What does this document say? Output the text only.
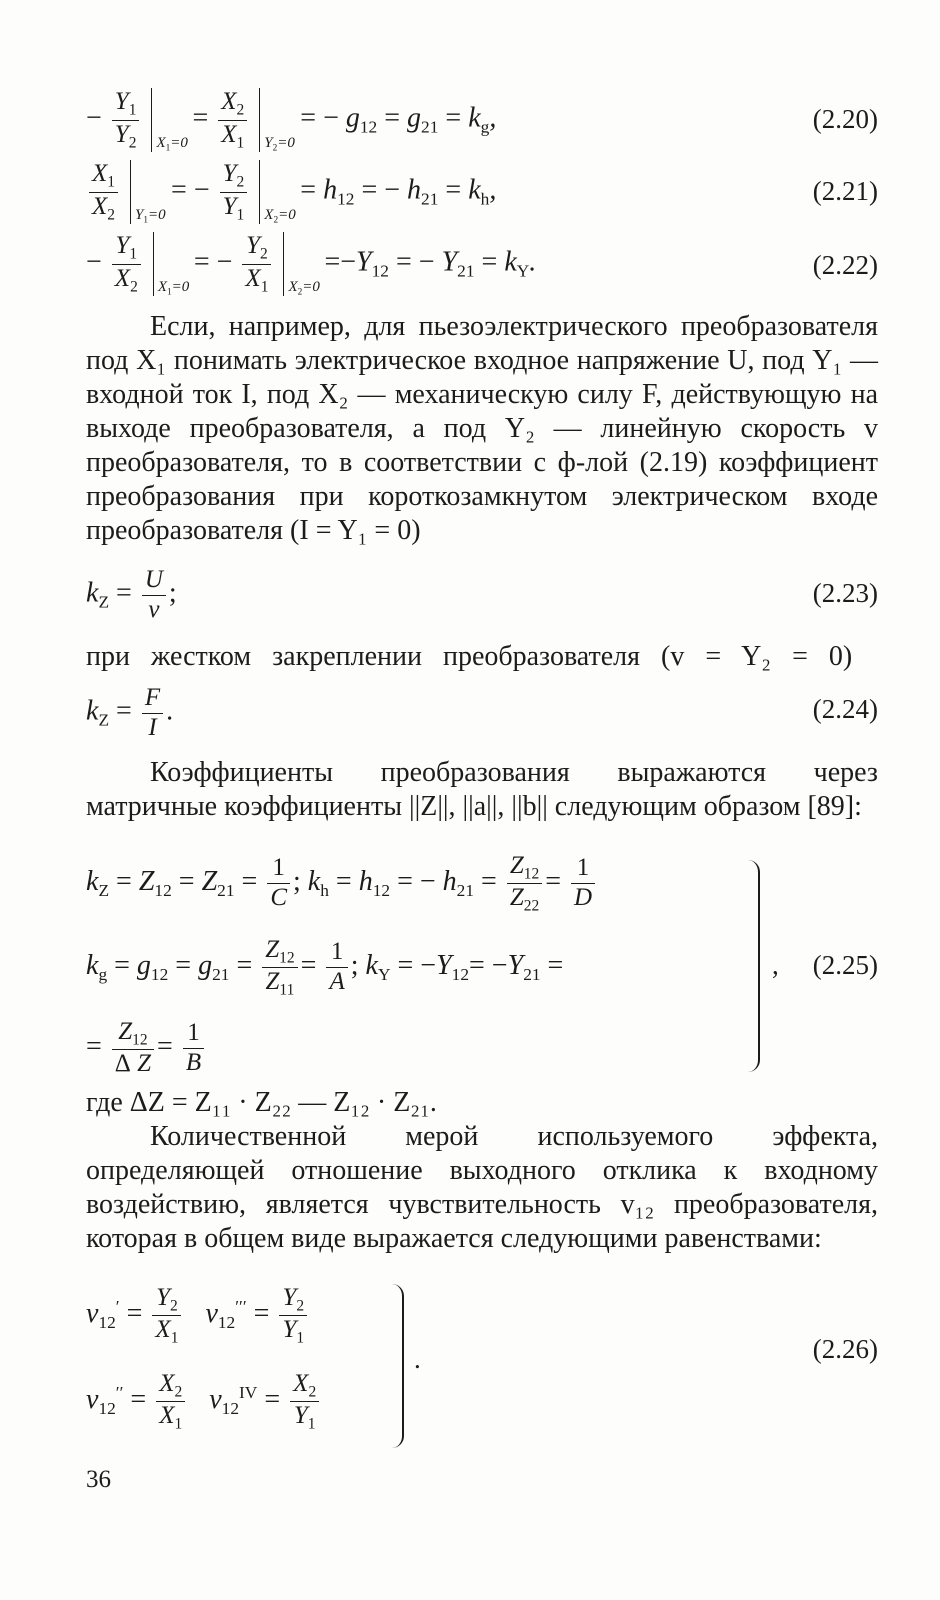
− $\frac{Y_1}{Y_2}$
$X_1=0$
= $\frac{X_2}{X_1}$
$Y_2=0$
= − $g_{12} = g_{21} = k_g$,	(2.20)
$\frac{X_1}{X_2}$
$Y_1=0$
= − $\frac{Y_2}{Y_1}$
$X_2=0$
= $h_{12}$ = − $h_{21} = k_h$,	(2.21)
− $\frac{Y_1}{X_2}$
$X_1=0$
= − $\frac{Y_2}{X_1}$
$X_2=0$
$=-Y_{12}$ = − $Y_{21} = k_Y$.	(2.22)
Если, например, для пьезоэлектрического преобразователя под X₁ понимать электрическое входное напряжение U, под Y₁ — входной ток I, под X₂ — механическую силу F, действующую на выходе преобразователя, а под Y₂ — линейную скорость v преобразователя, то в соответствии с ф-лой (2.19) коэффициент преобразования при короткозамкнутом электрическом входе преобразователя (I = Y₁ = 0)
$k_Z = \frac{U}{v}$ ;	(2.23)
при жестком закреплении преобразователя (v = Y₂ = 0)
$k_Z = \frac{F}{I}$ .	(2.24)
Коэффициенты преобразования выражаются через матричные коэффициенты ||Z||, ||a||, ||b|| следующим образом [89]:
$k_Z = Z_{12} = Z_{21} = \frac{1}{C}$ ; $k_h = h_{12}$ = − $h_{21} = \frac{Z_{12}}{Z_{22}} = \frac{1}{D}$
$k_g = g_{12} = g_{21} = \frac{Z_{12}}{Z_{11}} = \frac{1}{A}$ ; $k_Y = -Y_{12}= -Y_{21}$ =
= $\frac{Z_{12}}{\text{Δ Z}} = \frac{1}{B}$
, (2.25)
где ΔZ = Z₁₁ · Z₂₂ — Z₁₂ · Z₂₁.
Количественной мерой используемого эффекта, определяющей отношение выходного отклика к входному воздействию, является чувствительность v₁₂ преобразователя, которая в общем виде выражается следующими равенствами:
$v_{12}' = \frac{Y_2}{X_1} v_{12}''' = \frac{Y_2}{Y_1}$
$v_{12}'' = \frac{X_2}{X_1} v_{12}^{IV} = \frac{X_2}{Y_1}$
.	(2.26)
36
